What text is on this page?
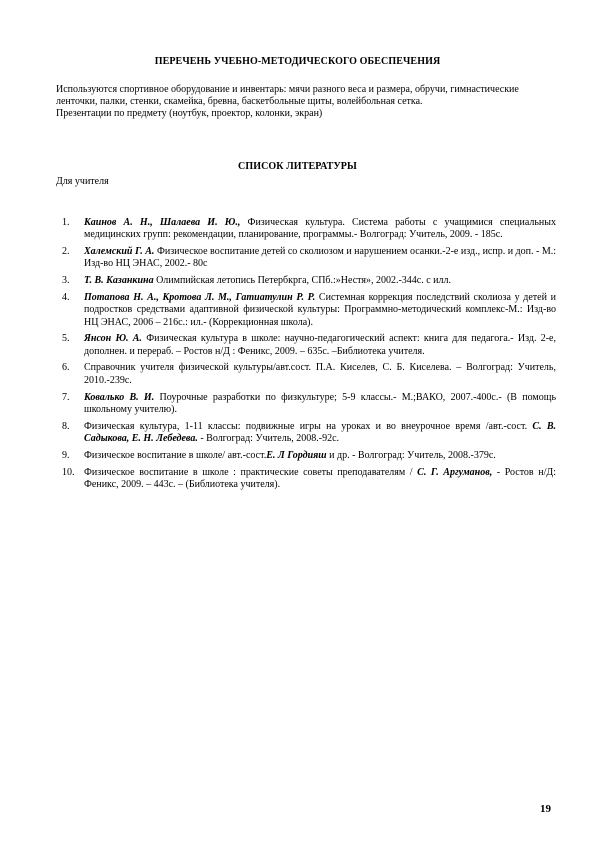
ПЕРЕЧЕНЬ УЧЕБНО-МЕТОДИЧЕСКОГО ОБЕСПЕЧЕНИЯ

Используются спортивное оборудование и инвентарь: мячи разного веса и размера, обручи, гимнастические ленточки, палки, стенки, скамейка, бревна, баскетбольные щиты, волейбольная сетка.

Презентации по предмету (ноутбук, проектор, колонки, экран)

СПИСОК ЛИТЕРАТУРЫ
Для учителя
1.	Каинов А. Н., Шалаева И. Ю., Физическая культура. Система работы с учащимися специальных медицинских групп: рекомендации, планирование, программы.- Волгоград: Учитель, 2009. - 185с.
2.	Халемский Г. А. Физическое воспитание детей со сколиозом и нарушением осанки.-2-е изд., испр. и доп. - М.: Изд-во НЦ ЭНАС, 2002.- 80с
3.	Т. В. Казанкина Олимпийская летопись Петербкрга, СПб.:»Нестя», 2002.-344с. с илл.
4.	Потапова Н. А., Кротова Л. М., Гатиатулин Р. Р. Системная коррекция последствий сколиоза у детей и подростков средствами адаптивной физической культуры: Программно-методический комплекс-М.: Изд-во НЦ ЭНАС, 2006 – 216с.: ил.- (Коррекционная школа).
5.	Янсон Ю. А. Физическая культура в школе: научно-педагогический аспект: книга для педагога.- Изд. 2-е, дополнен. и перераб. – Ростов н/Д : Феникс, 2009. – 635с. –Библиотека учителя.
6.	Справочник учителя физической культуры/авт.сост. П.А. Киселев, С. Б. Киселева. – Волгоград: Учитель, 2010.-239с.
7.	Ковалько В. И. Поурочные разработки по физкультуре; 5-9 классы.- М.;ВАКО, 2007.-400с.- (В помощь школьному учителю).
8.	Физическая культура, 1-11 классы: подвижные игры на уроках и во внеурочное время /авт.-сост. С. В. Садыкова, Е. Н. Лебедева. - Волгоград: Учитель, 2008.-92с.
9.	Физическое воспитание в школе/ авт.-сост.Е. Л Гордияш и др. - Волгоград: Учитель, 2008.-379с.
10. Физическое воспитание в школе : практические советы преподавателям / С. Г. Аргуманов, - Ростов н/Д: Феникс, 2009. – 443с. – (Библиотека учителя).
19
